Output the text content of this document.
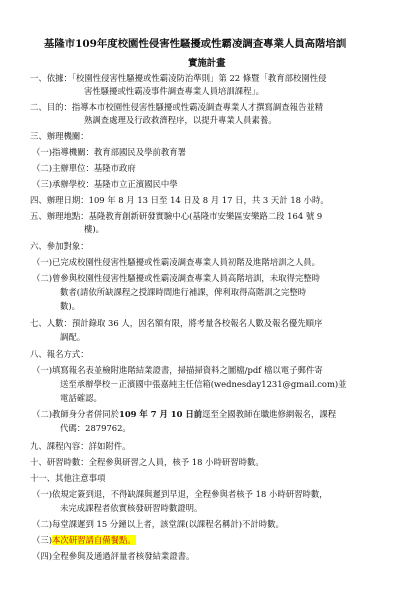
基隆市109年度校園性侵害性騷擾或性霸凌調查專業人員高階培訓
實施計畫
一、依據：「校園性侵害性騷擾或性霸凌防治準則」第 22 條暨「教育部校園性侵
害性騷擾或性霸凌事件調查專業人員培訓課程」。
二、目的：指導本市校園性侵害性騷擾或性霸凌調查專業人才撰寫調查報告並精
熟調查處理及行政救濟程序，以提升專業人員素養。
三、辦理機關：
（一)指導機關：教育部國民及學前教育署
（二)主辦單位：基隆市政府
（三)承辦學校：基隆市立正濱國民中學
四、辦理日期：109 年 8 月 13 日至 14 日及 8 月 17 日，共 3 天計 18 小時。
五、辦理地點：基隆教育創新研發實驗中心(基隆市安樂區安樂路二段 164 號 9
樓)。
六、參加對象：
（一)已完成校園性侵害性騷擾或性霸凌調查專業人員初階及進階培訓之人員。
（二)曾參與校園性侵害性騷擾或性霸凌調查專業人員高階培訓，未取得完整時
數者(請依所缺課程之授課時間進行補課，俾利取得高階訓之完整時
數)。
七、人數：預計錄取 36 人，因名額有限，將考量各校報名人數及報名優先順序
調配。
八、報名方式：
（一)填寫報名表並檢附進階結業證書，掃描掃資料之圖檔/pdf 檔以電子郵件寄
送至承辦學校－正濱國中張嘉純主任信箱(wednesday1231@gmail.com)並
電話確認。
（二)教師身分者併同於109 年 7 月 10 日前逕至全國教師在職進修網報名，課程
代碼：2879762。
九、課程內容：詳如附件。
十、研習時數：全程參與研習之人員，核予 18 小時研習時數。
十一、其他注意事項
（一)依規定簽到退，不得缺課與遲到早退，全程參與者核予 18 小時研習時數，
未完成課程者依實核發研習時數證明。
（二)每堂課遲到 15 分鐘以上者，該堂課(以課程名稱計)不計時數。
（三)本次研習請自備餐點。
（四)全程參與及通過評量者核發結業證書。
